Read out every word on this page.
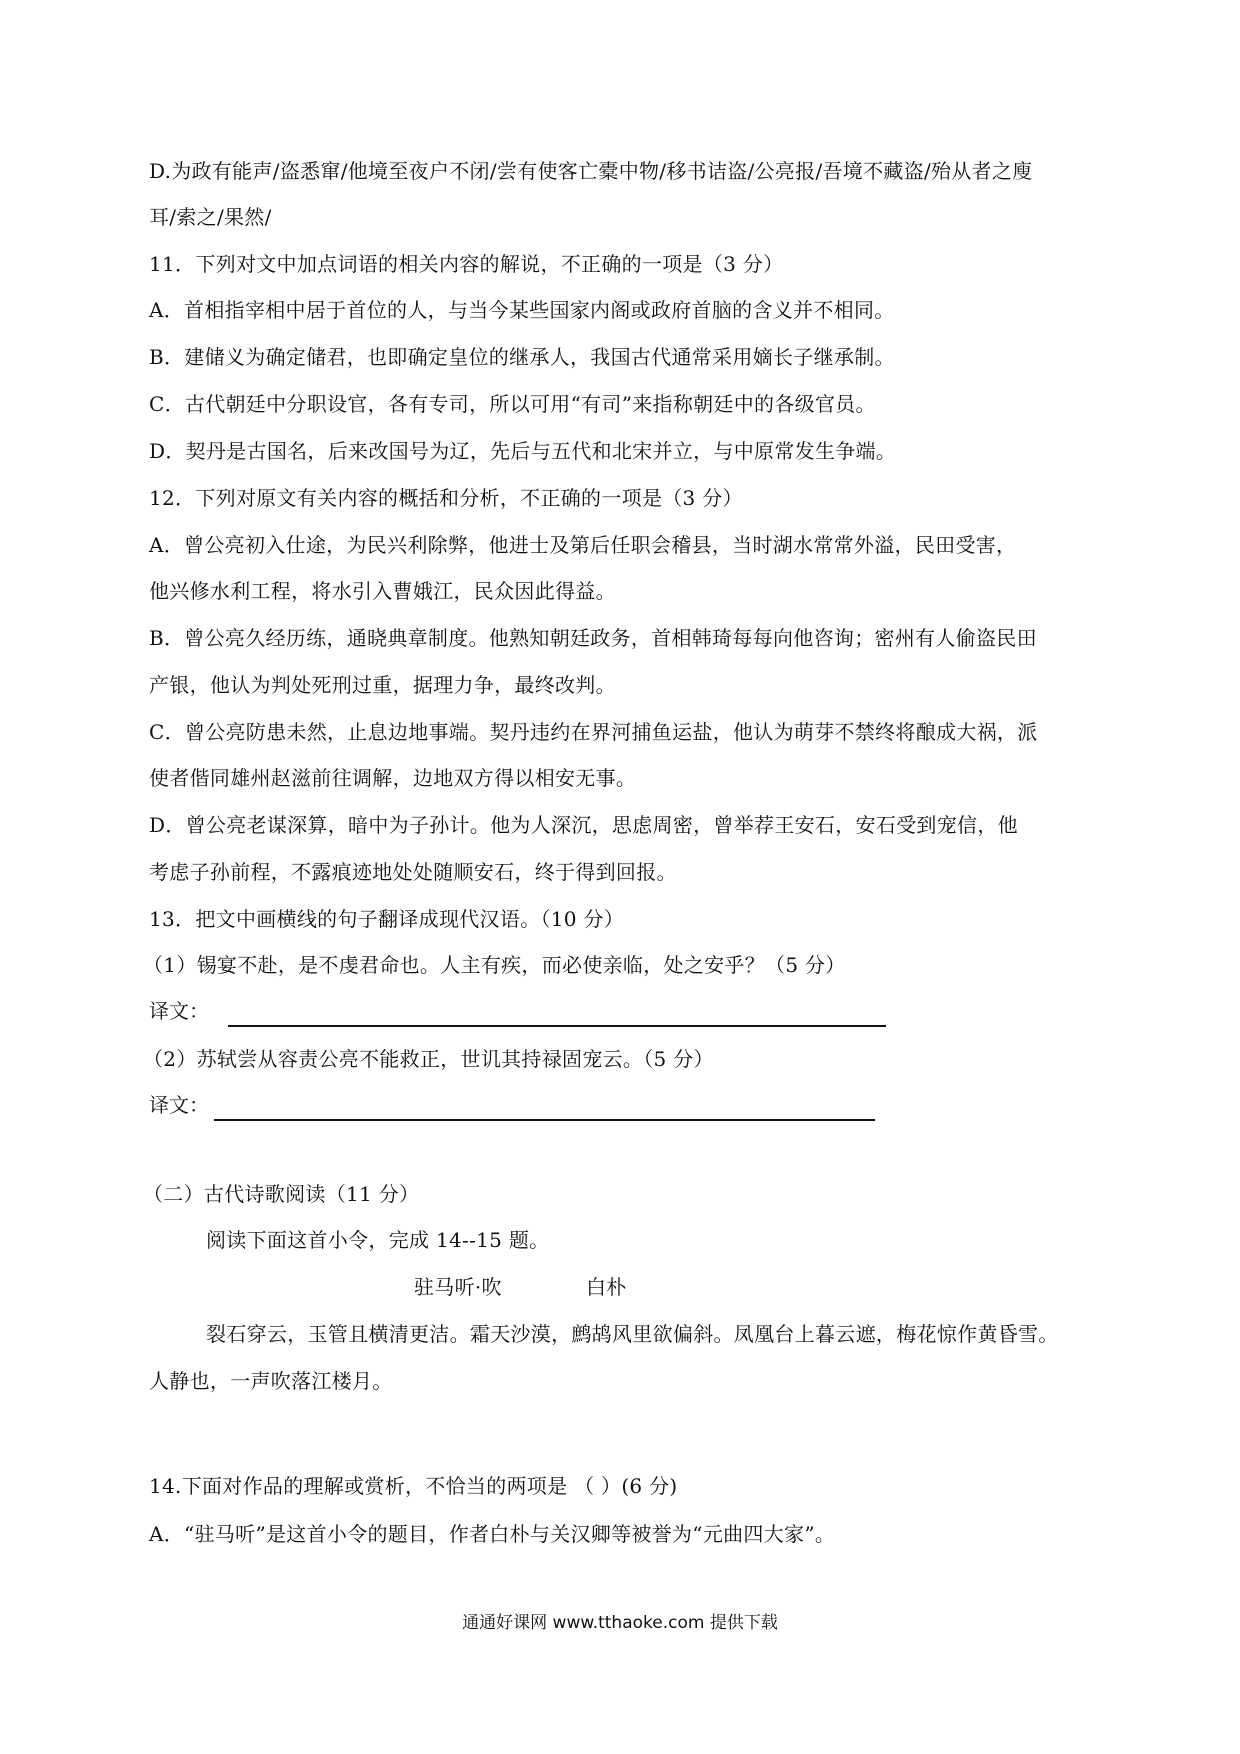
D.为政有能声/盗悉窜/他境至夜户不闭/尝有使客亡橐中物/移书诘盗/公亮报/吾境不藏盗/殆从者之廋
耳/索之/果然/
11．下列对文中加点词语的相关内容的解说，不正确的一项是（3 分）
A．首相指宰相中居于首位的人，与当今某些国家内阁或政府首脑的含义并不相同。
B．建储义为确定储君，也即确定皇位的继承人，我国古代通常采用嫡长子继承制。
C．古代朝廷中分职设官，各有专司，所以可用“有司”来指称朝廷中的各级官员。
D．契丹是古国名，后来改国号为辽，先后与五代和北宋并立，与中原常发生争端。
12．下列对原文有关内容的概括和分析，不正确的一项是（3 分）
A．曾公亮初入仕途，为民兴利除弊，他进士及第后任职会稽县，当时湖水常常外溢，民田受害，
他兴修水利工程，将水引入曹娥江，民众因此得益。
B．曾公亮久经历练，通晓典章制度。他熟知朝廷政务，首相韩琦每每向他咨询；密州有人偷盗民田
产银，他认为判处死刑过重，据理力争，最终改判。
C．曾公亮防患未然，止息边地事端。契丹违约在界河捕鱼运盐，他认为萌芽不禁终将酿成大祸，派
使者偕同雄州赵滋前往调解，边地双方得以相安无事。
D．曾公亮老谋深算，暗中为子孙计。他为人深沉，思虑周密，曾举荐王安石，安石受到宠信，他
考虑子孙前程，不露痕迹地处处随顺安石，终于得到回报。
13．把文中画横线的句子翻译成现代汉语。（10 分）
（1）锡宴不赴，是不虔君命也。人主有疾，而必使亲临，处之安乎？（5 分）
译文：
（2）苏轼尝从容责公亮不能救正，世讥其持禄固宠云。（5 分）
译文：
（二）古代诗歌阅读（11 分）
阅读下面这首小令，完成 14--15 题。
驻马听·吹	白朴
裂石穿云，玉管且横清更洁。霜天沙漠，鹧鸪风里欲偏斜。凤凰台上暮云遮，梅花惊作黄昏雪。
人静也，一声吹落江楼月。
14.下面对作品的理解或赏析，不恰当的两项是 （ ）(6 分)
A．“驻马听”是这首小令的题目，作者白朴与关汉卿等被誉为“元曲四大家”。
通通好课网 www.tthaoke.com 提供下载
